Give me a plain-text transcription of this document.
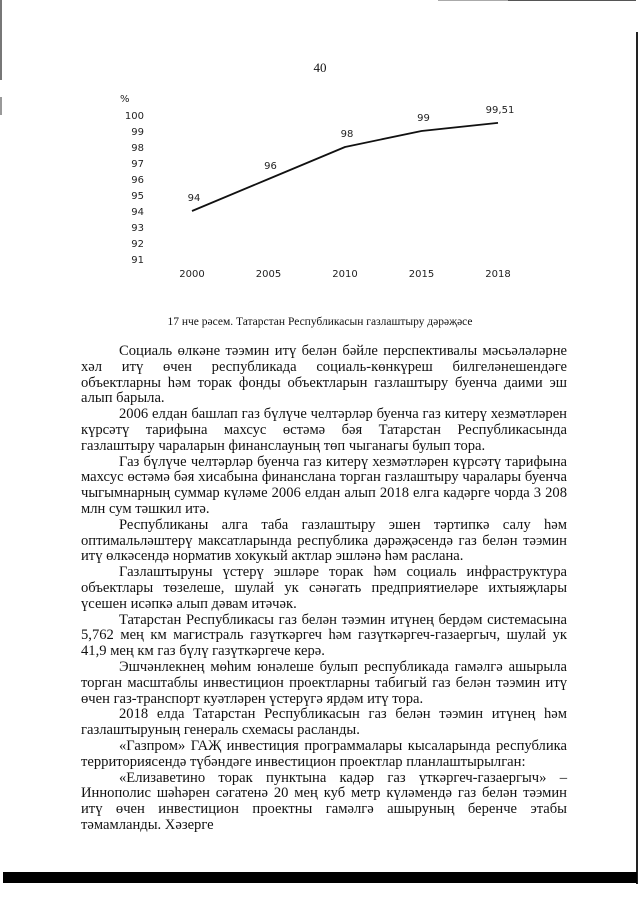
40
%
100
99
98
97
96
95
94
93
92
91
2000	2005	2010	2015	2018
94
96
98
99
99,51
17 нче рәсем. Татарстан Республикасын газлаштыру дәрәҗәсе

Социаль өлкәне тәэмин итү белән бәйле перспективалы мәсьәләләрне хәл итү өчен республикада социаль-көнкүреш билгеләнешендәге объектларны һәм торак фонды объектларын газлаштыру буенча даими эш алып барыла.

2006 елдан башлап газ бүлүче челтәрләр буенча газ китерү хезмәтләрен күрсәтү тарифына махсус өстәмә бәя Татарстан Республикасында газлаштыру чараларын финанслауның төп чыганагы булып тора.

Газ бүлүче челтәрләр буенча газ китерү хезмәтләрен күрсәтү тарифына махсус өстәмә бәя хисабына финанслана торган газлаштыру чаралары буенча чыгымнарның суммар күләме 2006 елдан алып 2018 елга кадәрге чорда 3 208 млн сум тәшкил итә.

Республиканы алга таба газлаштыру эшен тәртипкә салу һәм оптимальләштерү максатларында республика дәрәҗәсендә газ белән тәэмин итү өлкәсендә норматив хокукый актлар эшләнә һәм раслана.

Газлаштыруны үстерү эшләре торак һәм социаль инфраструктура объектлары төзелеше, шулай ук сәнәгать предприятиеләре ихтыяҗлары үсешен исәпкә алып дәвам итәчәк.

Татарстан Республикасы газ белән тәэмин итүнең бердәм системасына 5,762 мең км магистраль газүткәргеч һәм газүткәргеч-газаергыч, шулай ук 41,9 мең км газ бүлү газүткәргече керә.

Эшчәнлекнең мөһим юнәлеше булып республикада гамәлгә ашырыла торган масштаблы инвестицион проектларны табигый газ белән тәэмин итү өчен газ-транспорт куәтләрен үстерүгә ярдәм итү тора.

2018 елда Татарстан Республикасын газ белән тәэмин итүнең һәм газлаштыруның генераль схемасы расланды.

«Газпром» ГАҖ инвестиция программалары кысаларында республика территориясендә түбәндәге инвестицион проектлар планлаштырылган:

«Елизаветино торак пунктына кадәр газ үткәргеч-газаергыч» – Иннополис шәһәрен сәгатенә 20 мең куб метр күләмендә газ белән тәэмин итү өчен инвестицион проектны гамәлгә ашыруның беренче этабы тәмамланды. Хәзерге
